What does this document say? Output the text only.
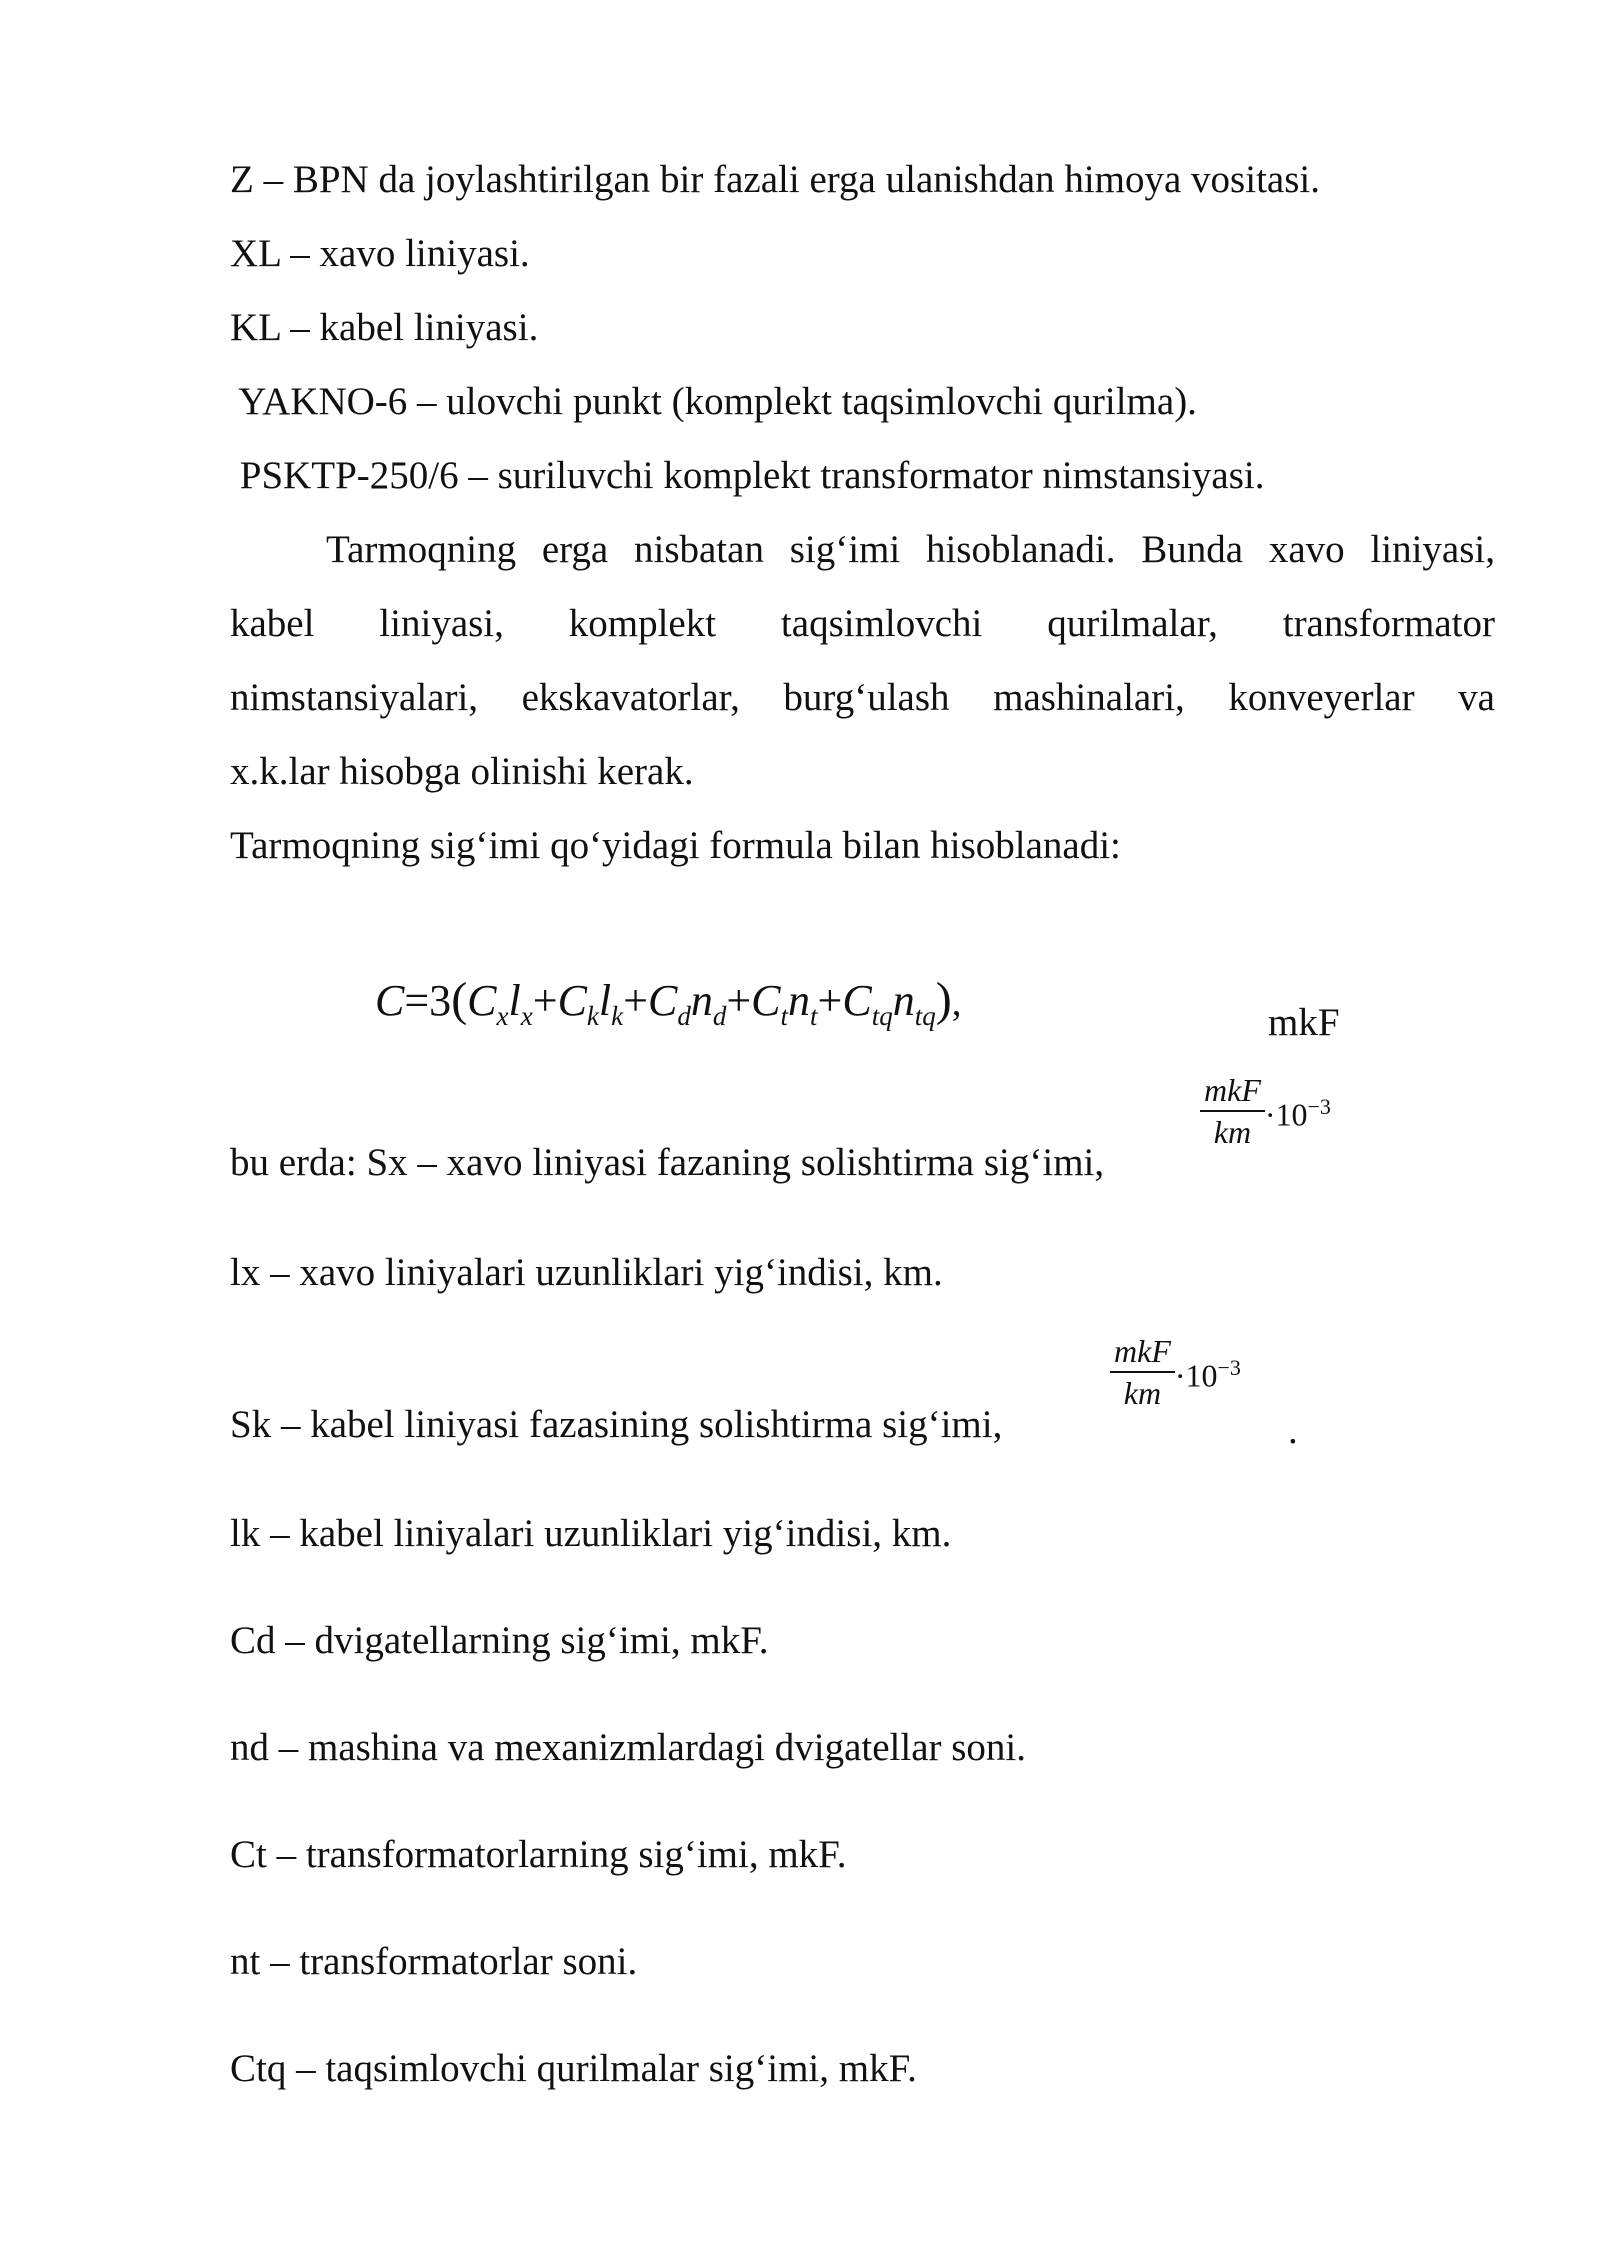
Z – BPN da joylashtirilgan bir fazali erga ulanishdan himoya vositasi.

XL – xavo liniyasi.

KL – kabel liniyasi.

YAKNO-6 – ulovchi punkt (komplekt taqsimlovchi qurilma).

PSKTP-250/6 – suriluvchi komplekt transformator nimstansiyasi.

Tarmoqning erga nisbatan sig‘imi hisoblanadi. Bunda xavo liniyasi,

kabel liniyasi, komplekt taqsimlovchi qurilmalar, transformator

nimstansiyalari, ekskavatorlar, burg‘ulash mashinalari, konveyerlar va

x.k.lar hisobga olinishi kerak.

Tarmoqning sig‘imi qo‘yidagi formula bilan hisoblanadi:

$C=3(C_xl_x+C_kl_k+C_dn_d+C_tn_t+C_{tq}n_{tq})$,	mkF
$\frac{\text{mkF}}{km} \cdot 10^{-3}$

bu erda: Sx – xavo liniyasi fazaning solishtirma sig‘imi,

lx – xavo liniyalari uzunliklari yig‘indisi, km.

$\frac{\text{mkF}}{km} \cdot 10^{-3}$

Sk – kabel liniyasi fazasining solishtirma sig‘imi,	.

lk – kabel liniyalari uzunliklari yig‘indisi, km.

Cd – dvigatellarning sig‘imi, mkF.

nd – mashina va mexanizmlardagi dvigatellar soni.

Ct – transformatorlarning sig‘imi, mkF.

nt – transformatorlar soni.

Ctq – taqsimlovchi qurilmalar sig‘imi, mkF.
